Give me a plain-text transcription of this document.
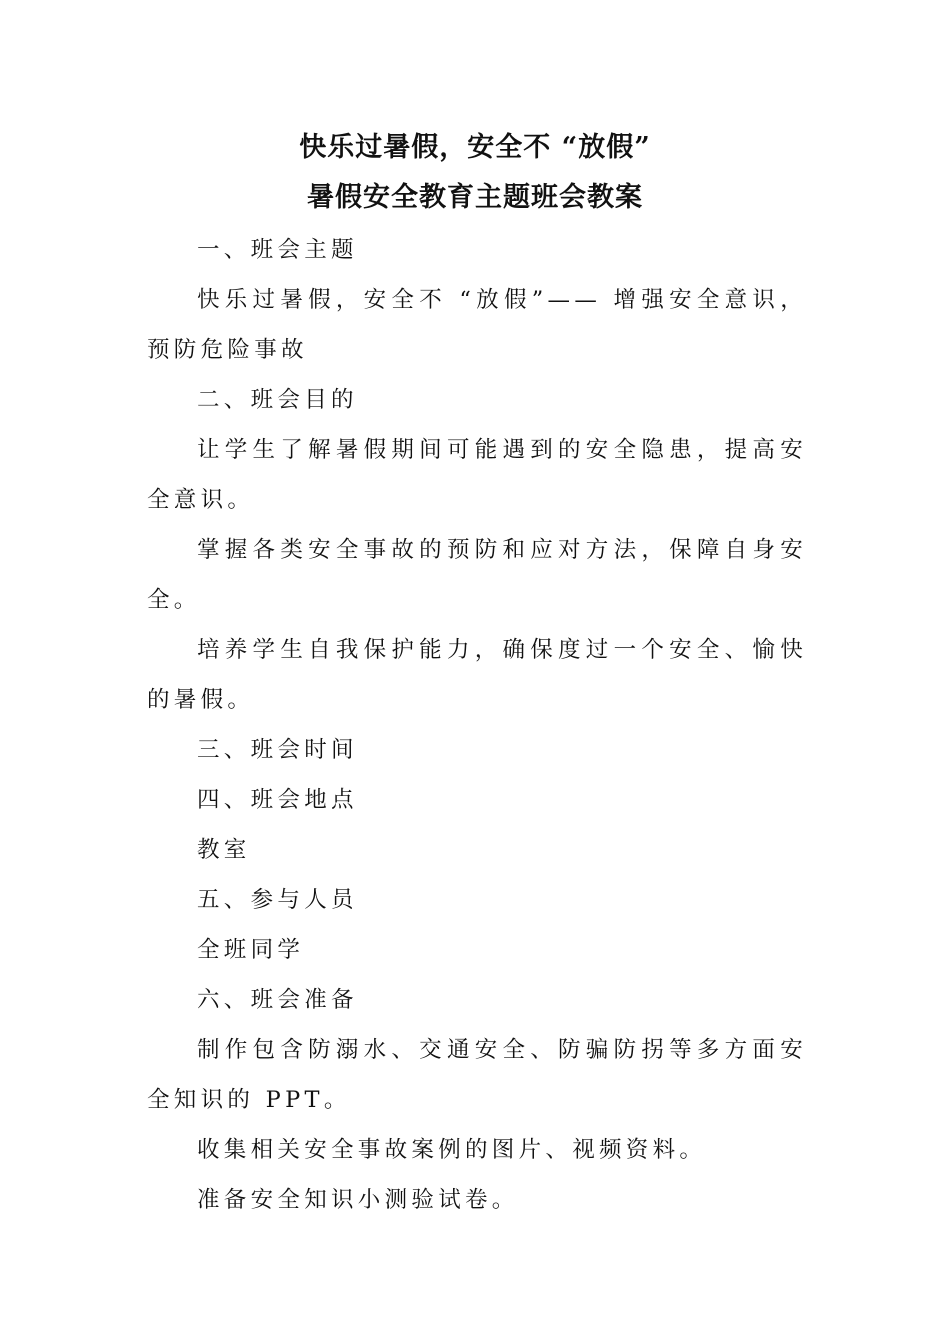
快乐过暑假，安全不 “放假”
暑假安全教育主题班会教案

一、班会主题

快乐过暑假，安全不 “放假”—— 增强安全意识，预防危险事故

二、班会目的

让学生了解暑假期间可能遇到的安全隐患，提高安全意识。

掌握各类安全事故的预防和应对方法，保障自身安全。

培养学生自我保护能力，确保度过一个安全、愉快的暑假。

三、班会时间

四、班会地点

教室

五、参与人员

全班同学

六、班会准备

制作包含防溺水、交通安全、防骗防拐等多方面安全知识的 PPT。

收集相关安全事故案例的图片、视频资料。

准备安全知识小测验试卷。
